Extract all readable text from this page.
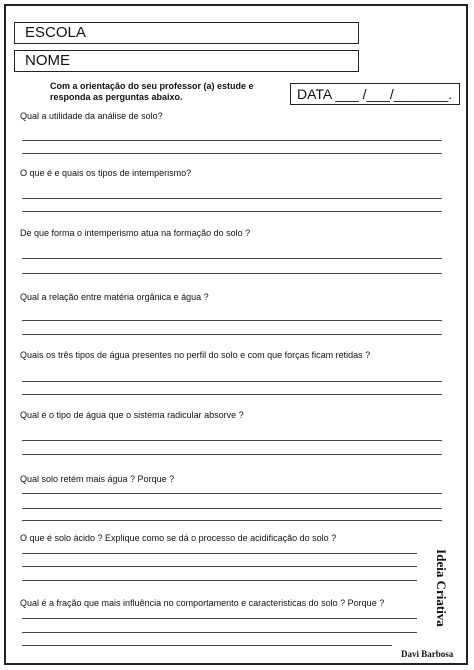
ESCOLA
NOME
Com a orientação do seu professor (a) estude e responda as perguntas abaixo.	DATA ___ /___/_______.
Qual a utilidade da análise de solo?
O que é e quais os tipos de intemperismo?
De que forma o intemperismo atua na formação do solo ?
Qual a relação entre matéria orgânica e água ?
Quais os três tipos de água presentes no perfil do solo e com que forças ficam retidas ?
Qual é o tipo de água que o sistema radicular absorve ?
Qual solo retém mais água ? Porque ?
O que é solo ácido ? Explique como se dá o processo de acidificação do solo ?
Qual é a fração que mais influência no comportamento e caracteristicas do solo ? Porque ?	Ideia Criativa
Davi Barbosa
